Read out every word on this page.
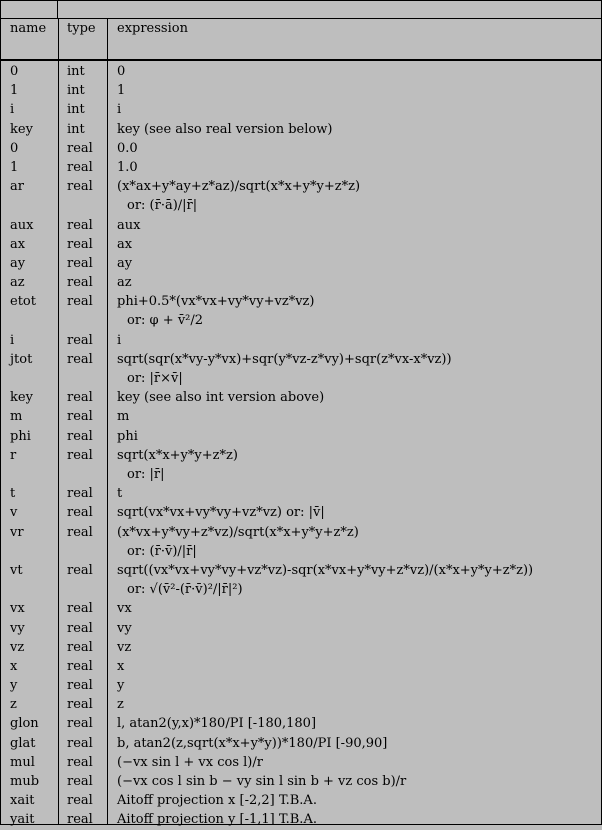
name type expression
0	int 0
1	int 1
i	int i
key	int key (see also real version below)
0	real 0.0
1	real 1.0
ar	real (x*ax+y*ay+z*az)/sqrt(x*x+y*y+z*z)
or: (r̄·ā)/|r̄|
aux	real aux
ax	real ax
ay	real ay
az	real az
etot real phi+0.5*(vx*vx+vy*vy+vz*vz)
or: φ + v̄²/2
i	real i
jtot	real sqrt(sqr(x*vy-y*vx)+sqr(y*vz-z*vy)+sqr(z*vx-x*vz))
or: |r̄×v̄|
key	real key (see also int version above)
m	real m
phi	real phi
r	real sqrt(x*x+y*y+z*z)
or: |r̄|
t	real t
v	real sqrt(vx*vx+vy*vy+vz*vz) or: |v̄|
vr	real (x*vx+y*vy+z*vz)/sqrt(x*x+y*y+z*z)
or: (r̄·v̄)/|r̄|
vt	real sqrt((vx*vx+vy*vy+vz*vz)-sqr(x*vx+y*vy+z*vz)/(x*x+y*y+z*z))
or: √(v̄²-(r̄·v̄)²/|r̄|²)
vx	real vx
vy	real vy
vz	real vz
x	real x
y	real y
z	real z
glon real l, atan2(y,x)*180/PI [-180,180]
glat real b, atan2(z,sqrt(x*x+y*y))*180/PI [-90,90]
mul real (−vx sin l + vx cos l)/r
mub real (−vx cos l sin b − vy sin l sin b + vz cos b)/r
xait	real Aitoff projection x [-2,2] T.B.A.
yait	real Aitoff projection y [-1,1] T.B.A.
